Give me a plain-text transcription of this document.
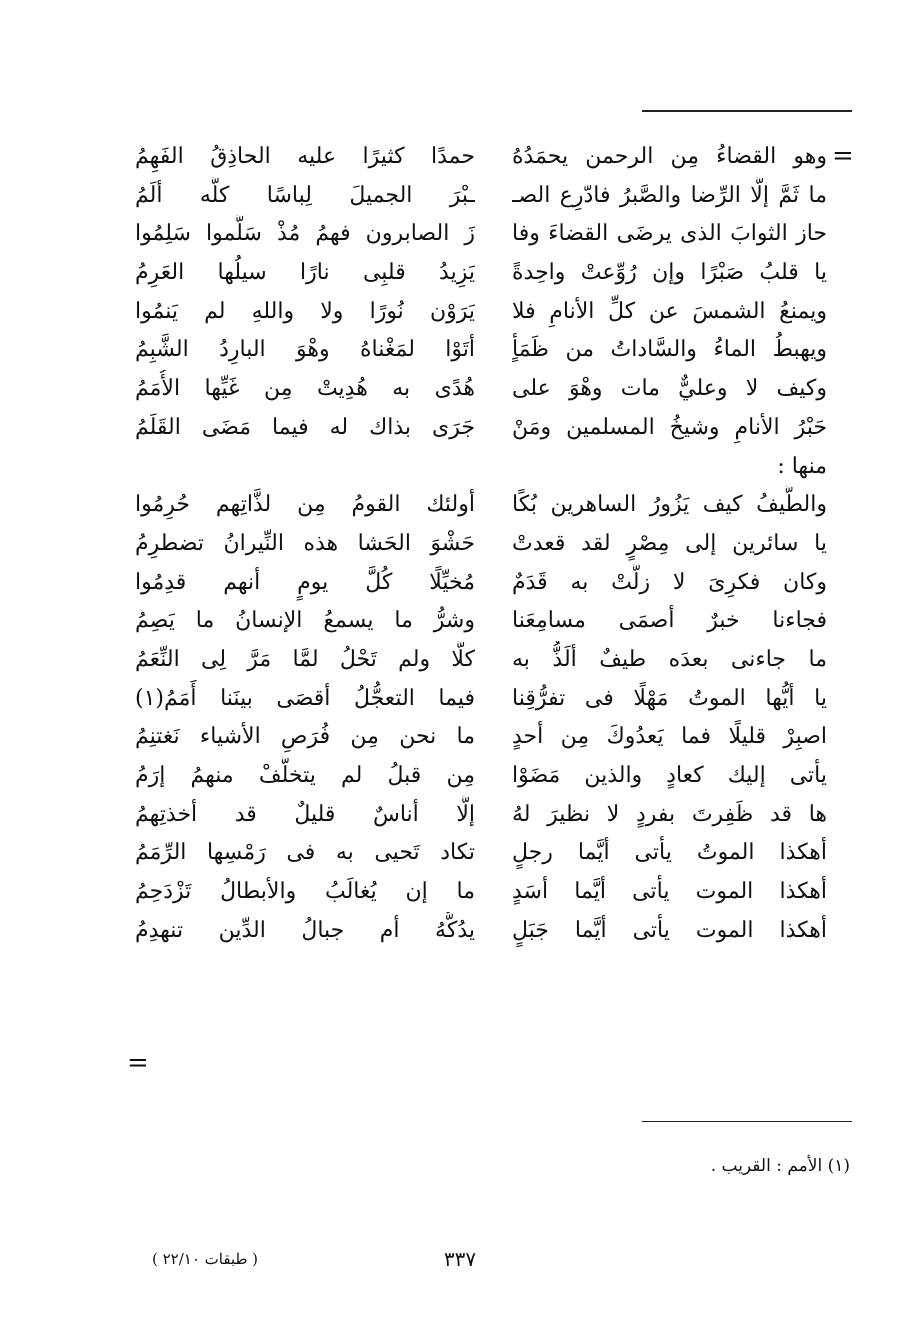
=
وهو القضاءُ مِن الرحمن يحمَدُهُ
ما ثَمَّ إلَّا الرِّضا والصَّبرُ فادّرِع الصـ
حاز الثوابَ الذى يرضَى القضاءَ وفا
يا قلبُ صَبْرًا وإن رُوِّعتْ واحِدةً
ويمنعُ الشمسَ عن كلِّ الأنامِ فلا
ويهبطُ الماءُ والسَّاداتُ من ظَمَأٍ
وكيف لا وعليٌّ مات وهْوَ على
حَبْرُ الأنامِ وشيخُ المسلمين ومَنْ
منها :
والطَّيفُ كيف يَزُورُ الساهرين بُكًا
يا سائرين إلى مِصْرٍ لقد قعدتْ
وكان فكرِىَ لا زلَّتْ به قَدَمٌ
فجاءنا خبرٌ أصمَى مسامِعَنا
ما جاءنى بعدَه طيفٌ ألَذُّ به
يا أيُّها الموتُ مَهْلًا فى تفرُّقِنا
اصبِرْ قليلًا فما يَعدُوكَ مِن أحدٍ
يأتى إليك كعادٍ والذين مَضَوْا
ها قد ظَفِرتَ بفردٍ لا نظيرَ لهُ
أهكذا الموتُ يأتى أيَّما رجلٍ
أهكذا الموت يأتى أيَّما أسَدٍ
أهكذا الموت يأتى أيَّما جَبَلٍ
حمدًا كثيرًا عليه الحاذِقُ الفَهِمُ
ـبْرَ الجميلَ لِباسًا كلُّه ألَمُ
زَ الصابرون فهمُ مُذْ سَلَّموا سَلِمُوا
يَزِيدُ قلبِى نارًا سيلُها العَرِمُ
يَرَوْن نُورًا ولا واللهِ لم يَنمُوا
أتَوْا لمَغْناهُ وهْوَ البارِدُ الشَّبِمُ
هُدًى به هُدِيتْ مِن غَيِّها الأُمَمُ
جَرَى بذاك له فيما مَضَى القَلَمُ
أولئك القومُ مِن لذَّاتِهم حُرِمُوا
حَشْوَ الحَشا هذه النِّيرانُ تضطرِمُ
مُخيِّلًا كُلَّ يومٍ أنهم قدِمُوا
وشرُّ ما يسمعُ الإنسانُ ما يَصِمُ
كلَّا ولم تَحْلُ لمَّا مَرَّ لِى النِّعَمُ
فيما التعجُّلُ أقصَى بينَنا أَمَمُ(١)
ما نحن مِن فُرَصِ الأشياء نَغتنِمُ
مِن قبلُ لم يتخلَّفْ منهمُ إرَمُ
إلَّا أناسٌ قليلٌ قد أخذتِهمُ
تكاد تَحيى به فى رَمْسِها الرِّمَمُ
ما إن يُغالَبُ والأبطالُ تَزْدَحِمُ
يدُكُّهُ أم جبالُ الدِّين تنهدِمُ
=
(١) الأمم : القريب .
٣٣٧
( طبقات ٢٢/١٠ )
